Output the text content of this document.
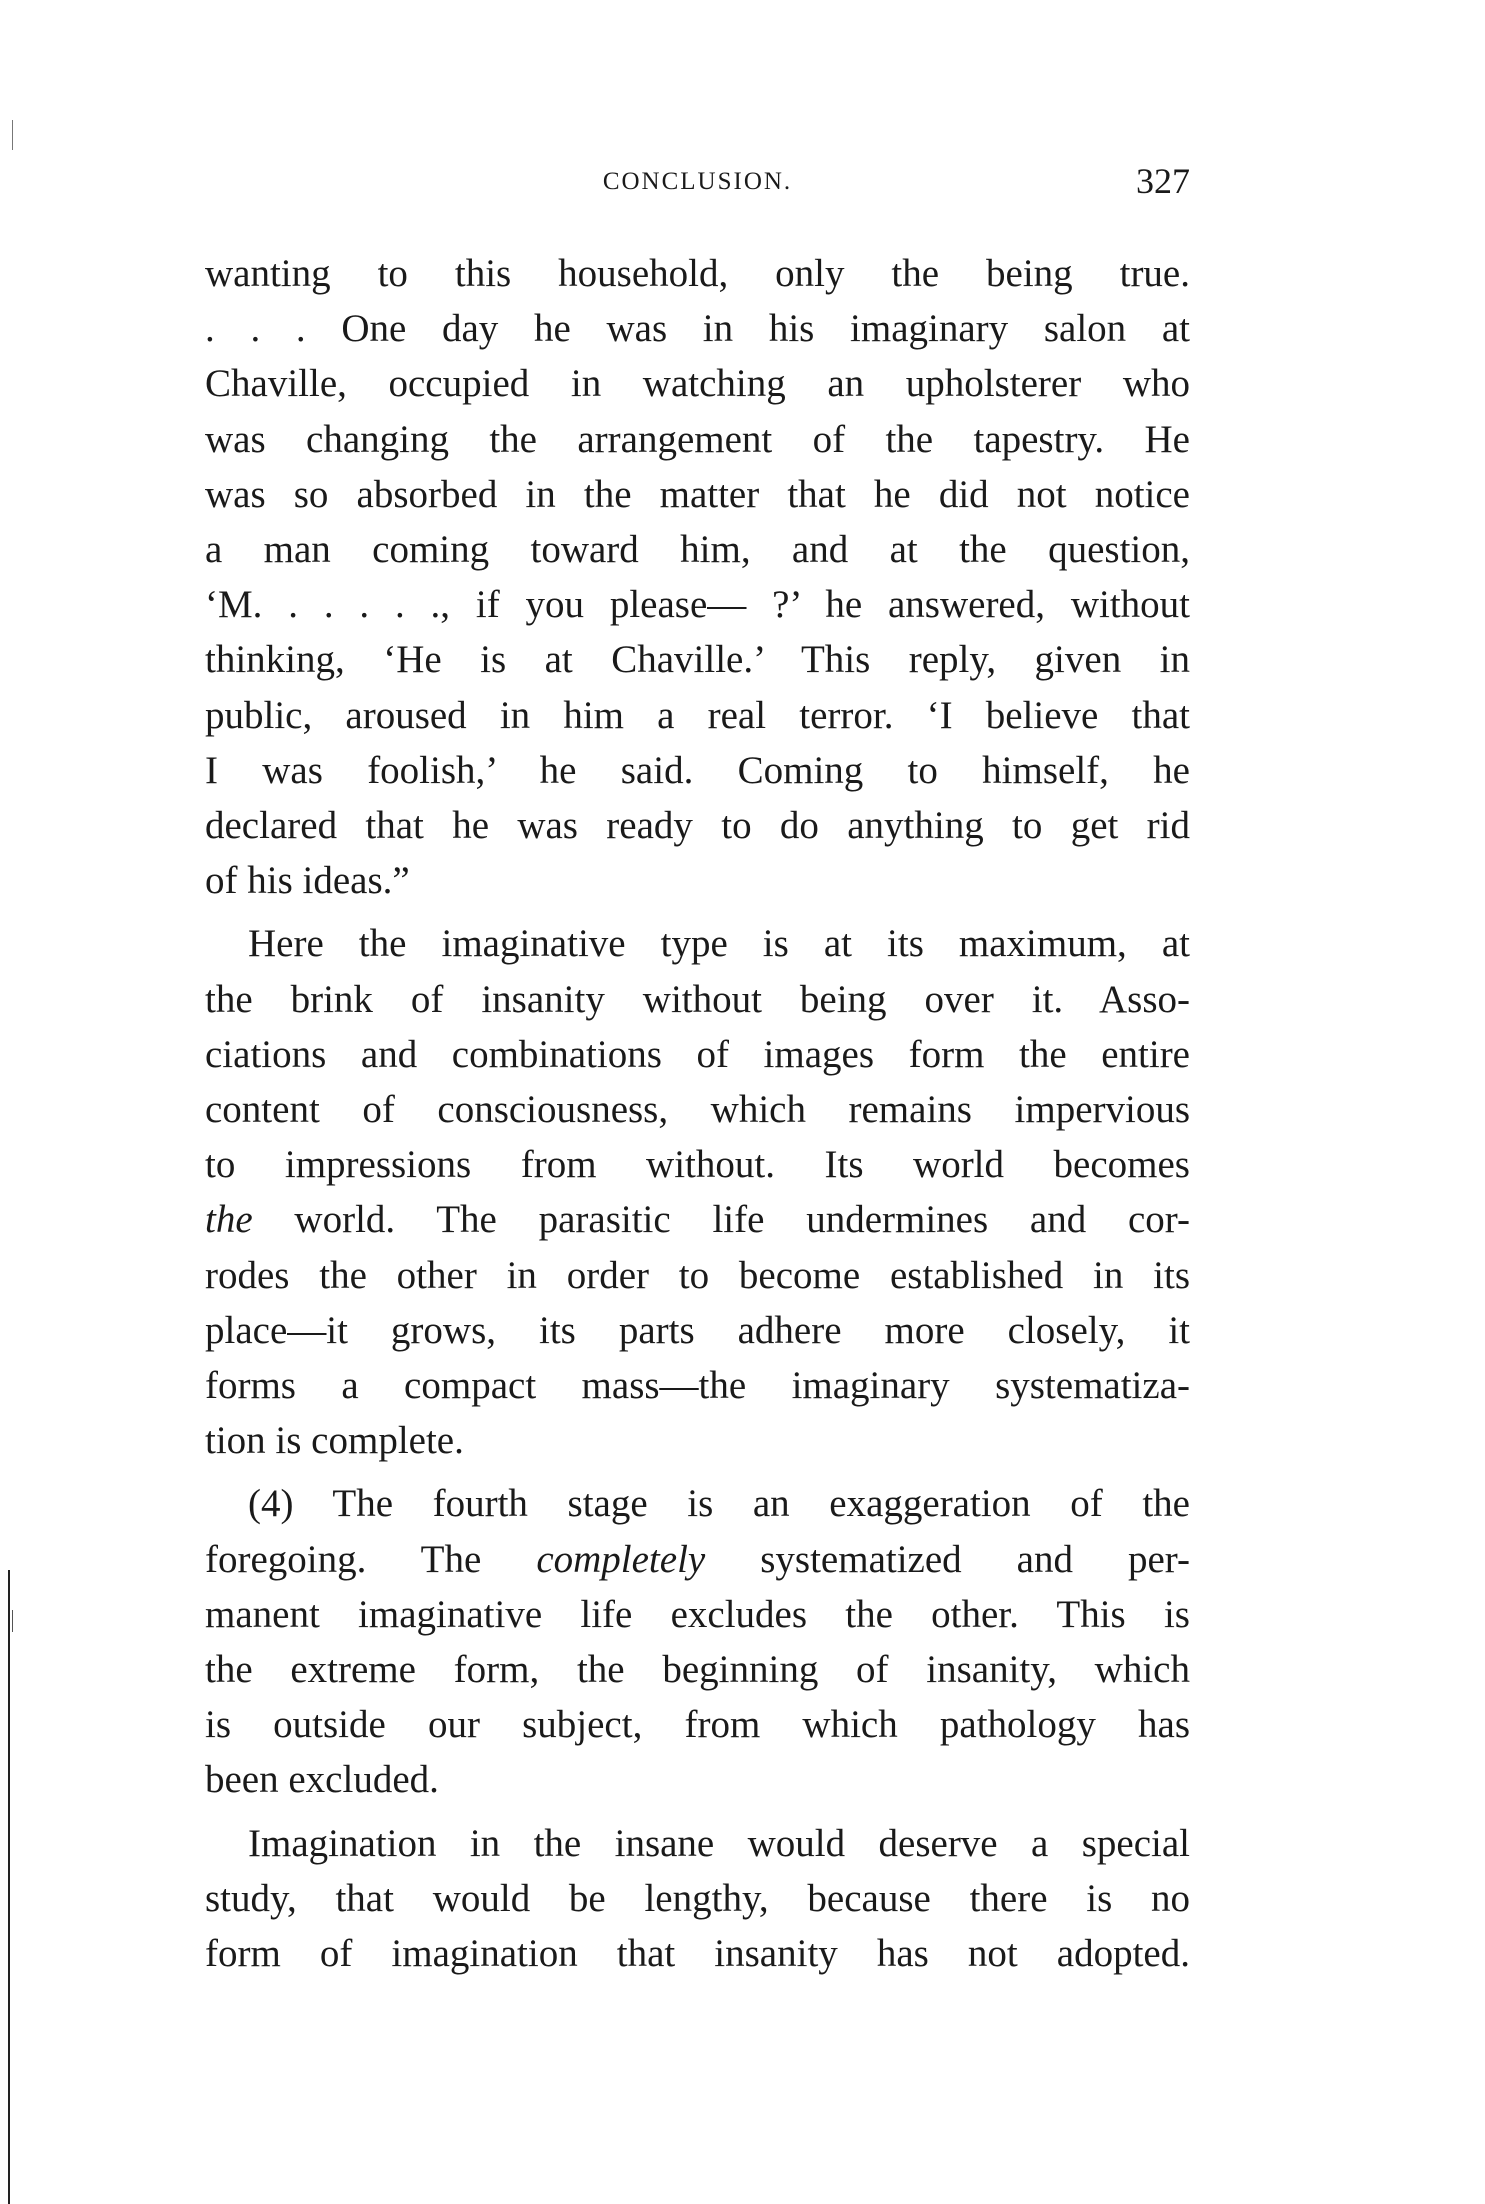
CONCLUSION.	327

wanting to this household, only the being true.
. . . One day he was in his imaginary salon at
Chaville, occupied in watching an upholsterer who
was changing the arrangement of the tapestry. He
was so absorbed in the matter that he did not notice
a man coming toward him, and at the question,
‘M. . . . . ., if you please— ?’ he answered, without
thinking, ‘He is at Chaville.’ This reply, given in
public, aroused in him a real terror. ‘I believe that
I was foolish,’ he said. Coming to himself, he
declared that he was ready to do anything to get rid
of his ideas.”

Here the imaginative type is at its maximum, at
the brink of insanity without being over it. Asso-
ciations and combinations of images form the entire
content of consciousness, which remains impervious
to impressions from without. Its world becomes
the world. The parasitic life undermines and cor-
rodes the other in order to become established in its
place—it grows, its parts adhere more closely, it
forms a compact mass—the imaginary systematiza-
tion is complete.

(4) The fourth stage is an exaggeration of the
foregoing. The completely systematized and per-
manent imaginative life excludes the other. This is
the extreme form, the beginning of insanity, which
is outside our subject, from which pathology has
been excluded.

Imagination in the insane would deserve a special
study, that would be lengthy, because there is no
form of imagination that insanity has not adopted.
